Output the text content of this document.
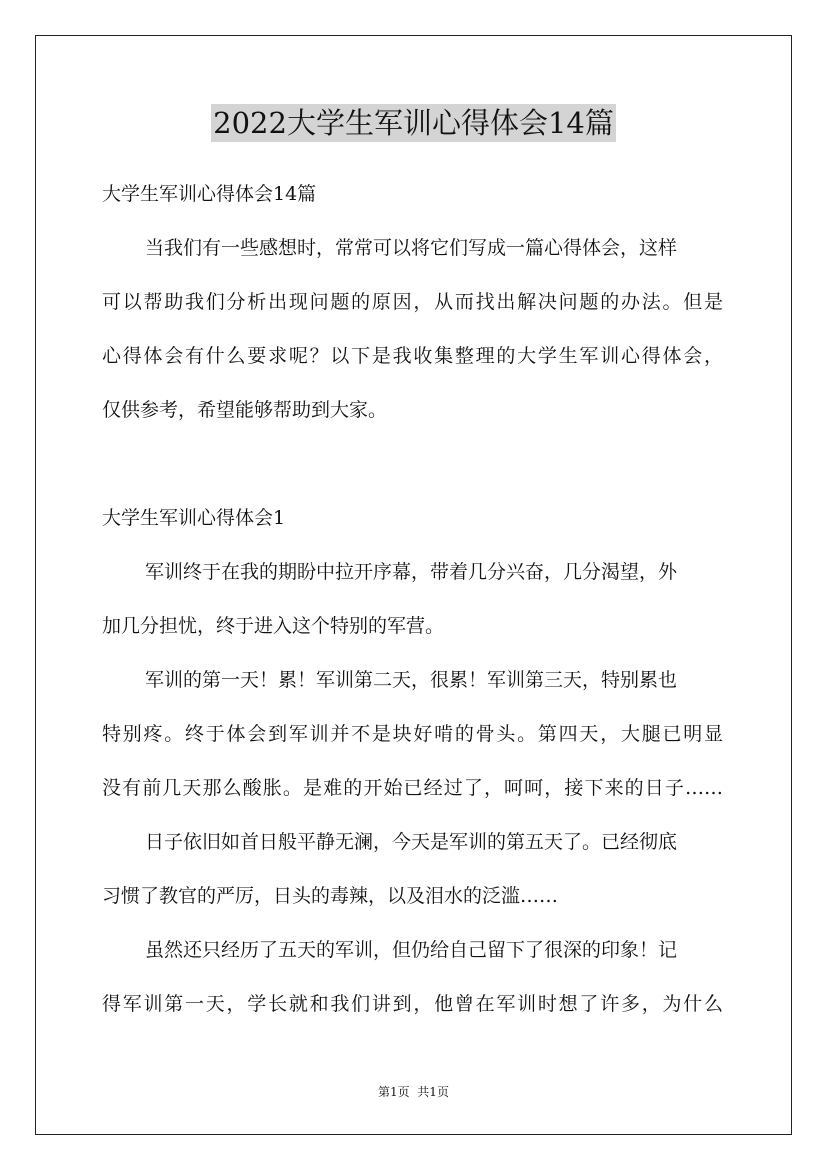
2022大学生军训心得体会14篇
大学生军训心得体会14篇
当我们有一些感想时，常常可以将它们写成一篇心得体会，这样
可以帮助我们分析出现问题的原因，从而找出解决问题的办法。但是
心得体会有什么要求呢？以下是我收集整理的大学生军训心得体会，
仅供参考，希望能够帮助到大家。
大学生军训心得体会1
军训终于在我的期盼中拉开序幕，带着几分兴奋，几分渴望，外
加几分担忧，终于进入这个特别的军营。
军训的第一天！累！军训第二天，很累！军训第三天，特别累也
特别疼。终于体会到军训并不是块好啃的骨头。第四天，大腿已明显
没有前几天那么酸胀。是难的开始已经过了，呵呵，接下来的日子……
日子依旧如首日般平静无澜，今天是军训的第五天了。已经彻底
习惯了教官的严厉，日头的毒辣，以及泪水的泛滥……
虽然还只经历了五天的军训，但仍给自己留下了很深的印象！记
得军训第一天，学长就和我们讲到，他曾在军训时想了许多，为什么
第1页  共1页
